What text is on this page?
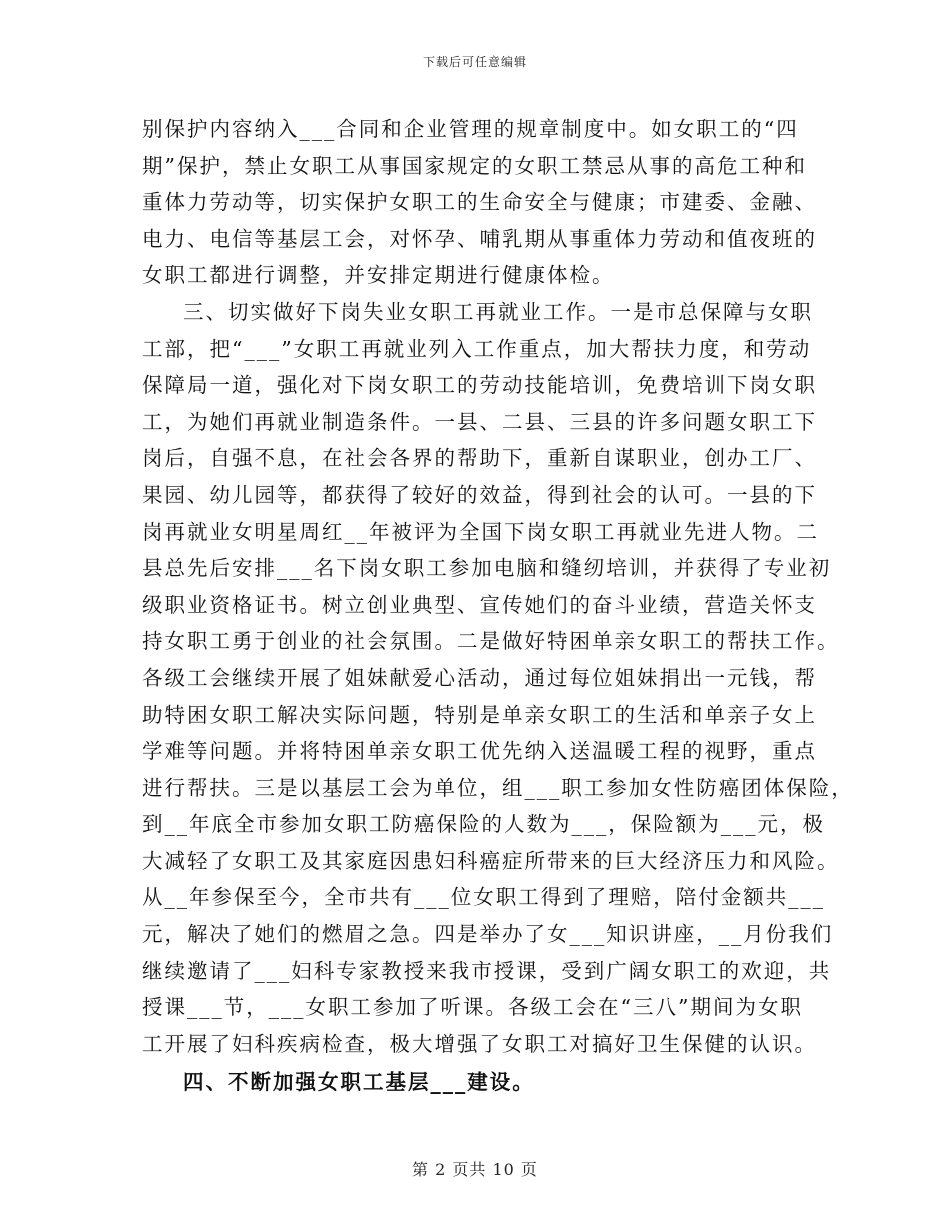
下载后可任意编辑
别保护内容纳入___合同和企业管理的规章制度中。如女职工的“四
期”保护，禁止女职工从事国家规定的女职工禁忌从事的高危工种和
重体力劳动等，切实保护女职工的生命安全与健康；市建委、金融、
电力、电信等基层工会，对怀孕、哺乳期从事重体力劳动和值夜班的
女职工都进行调整，并安排定期进行健康体检。
三、切实做好下岗失业女职工再就业工作。一是市总保障与女职
工部，把“___”女职工再就业列入工作重点，加大帮扶力度，和劳动
保障局一道，强化对下岗女职工的劳动技能培训，免费培训下岗女职
工，为她们再就业制造条件。一县、二县、三县的许多问题女职工下
岗后，自强不息，在社会各界的帮助下，重新自谋职业，创办工厂、
果园、幼儿园等，都获得了较好的效益，得到社会的认可。一县的下
岗再就业女明星周红__年被评为全国下岗女职工再就业先进人物。二
县总先后安排___名下岗女职工参加电脑和缝纫培训，并获得了专业初
级职业资格证书。树立创业典型、宣传她们的奋斗业绩，营造关怀支
持女职工勇于创业的社会氛围。二是做好特困单亲女职工的帮扶工作。
各级工会继续开展了姐妹献爱心活动，通过每位姐妹捐出一元钱，帮
助特困女职工解决实际问题，特别是单亲女职工的生活和单亲子女上
学难等问题。并将特困单亲女职工优先纳入送温暖工程的视野，重点
进行帮扶。三是以基层工会为单位，组___职工参加女性防癌团体保险，
到__年底全市参加女职工防癌保险的人数为___，保险额为___元，极
大减轻了女职工及其家庭因患妇科癌症所带来的巨大经济压力和风险。
从__年参保至今，全市共有___位女职工得到了理赔，陪付金额共___
元，解决了她们的燃眉之急。四是举办了女___知识讲座，__月份我们
继续邀请了___妇科专家教授来我市授课，受到广阔女职工的欢迎，共
授课___节，___女职工参加了听课。各级工会在“三八”期间为女职
工开展了妇科疾病检查，极大增强了女职工对搞好卫生保健的认识。
四、不断加强女职工基层___建设。
第 2 页共 10 页
